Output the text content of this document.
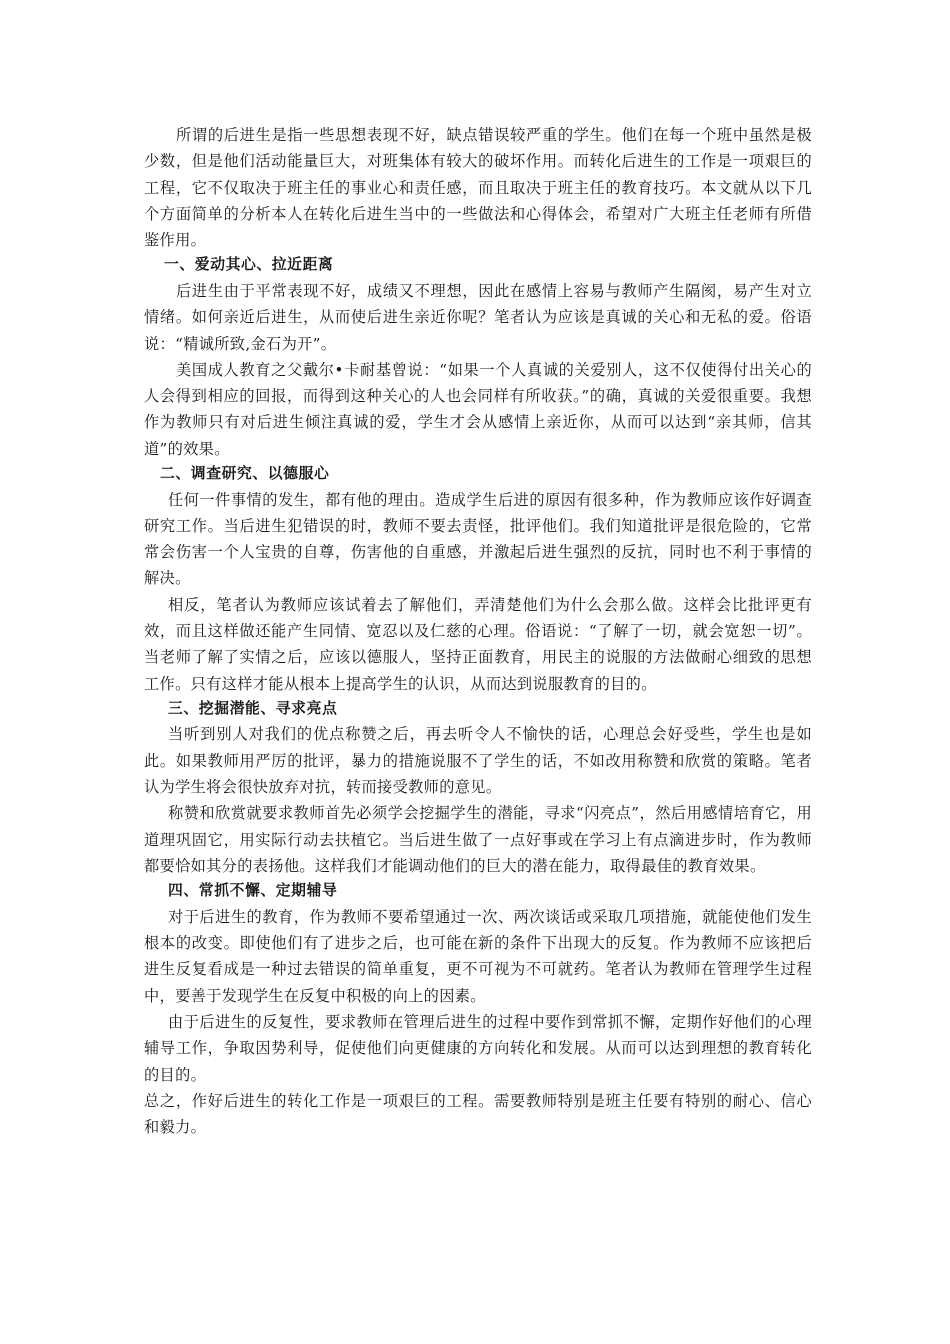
所谓的后进生是指一些思想表现不好，缺点错误较严重的学生。他们在每一个班中虽然是极少数，但是他们活动能量巨大，对班集体有较大的破坏作用。而转化后进生的工作是一项艰巨的工程，它不仅取决于班主任的事业心和责任感，而且取决于班主任的教育技巧。本文就从以下几个方面简单的分析本人在转化后进生当中的一些做法和心得体会，希望对广大班主任老师有所借鉴作用。

一、爱动其心、拉近距离

后进生由于平常表现不好，成绩又不理想，因此在感情上容易与教师产生隔阂，易产生对立情绪。如何亲近后进生，从而使后进生亲近你呢？笔者认为应该是真诚的关心和无私的爱。俗语说：“精诚所致,金石为开”。

美国成人教育之父戴尔•卡耐基曾说：“如果一个人真诚的关爱别人，这不仅使得付出关心的人会得到相应的回报，而得到这种关心的人也会同样有所收获。”的确，真诚的关爱很重要。我想作为教师只有对后进生倾注真诚的爱，学生才会从感情上亲近你，从而可以达到“亲其师，信其道”的效果。

二、调查研究、以德服心

任何一件事情的发生，都有他的理由。造成学生后进的原因有很多种，作为教师应该作好调查研究工作。当后进生犯错误的时，教师不要去责怪，批评他们。我们知道批评是很危险的，它常常会伤害一个人宝贵的自尊，伤害他的自重感，并激起后进生强烈的反抗，同时也不利于事情的解决。

相反，笔者认为教师应该试着去了解他们，弄清楚他们为什么会那么做。这样会比批评更有效，而且这样做还能产生同情、宽忍以及仁慈的心理。俗语说：“了解了一切，就会宽恕一切”。当老师了解了实情之后，应该以德服人，坚持正面教育，用民主的说服的方法做耐心细致的思想工作。只有这样才能从根本上提高学生的认识，从而达到说服教育的目的。

三、挖掘潜能、寻求亮点

当听到别人对我们的优点称赞之后，再去听令人不愉快的话，心理总会好受些，学生也是如此。如果教师用严厉的批评，暴力的措施说服不了学生的话，不如改用称赞和欣赏的策略。笔者认为学生将会很快放弃对抗，转而接受教师的意见。

称赞和欣赏就要求教师首先必须学会挖掘学生的潜能，寻求“闪亮点”，然后用感情培育它，用道理巩固它，用实际行动去扶植它。当后进生做了一点好事或在学习上有点滴进步时，作为教师都要恰如其分的表扬他。这样我们才能调动他们的巨大的潜在能力，取得最佳的教育效果。

四、常抓不懈、定期辅导

对于后进生的教育，作为教师不要希望通过一次、两次谈话或采取几项措施，就能使他们发生根本的改变。即使他们有了进步之后，也可能在新的条件下出现大的反复。作为教师不应该把后进生反复看成是一种过去错误的简单重复，更不可视为不可就药。笔者认为教师在管理学生过程中，要善于发现学生在反复中积极的向上的因素。

由于后进生的反复性，要求教师在管理后进生的过程中要作到常抓不懈，定期作好他们的心理辅导工作，争取因势利导，促使他们向更健康的方向转化和发展。从而可以达到理想的教育转化的目的。

总之，作好后进生的转化工作是一项艰巨的工程。需要教师特别是班主任要有特别的耐心、信心和毅力。
